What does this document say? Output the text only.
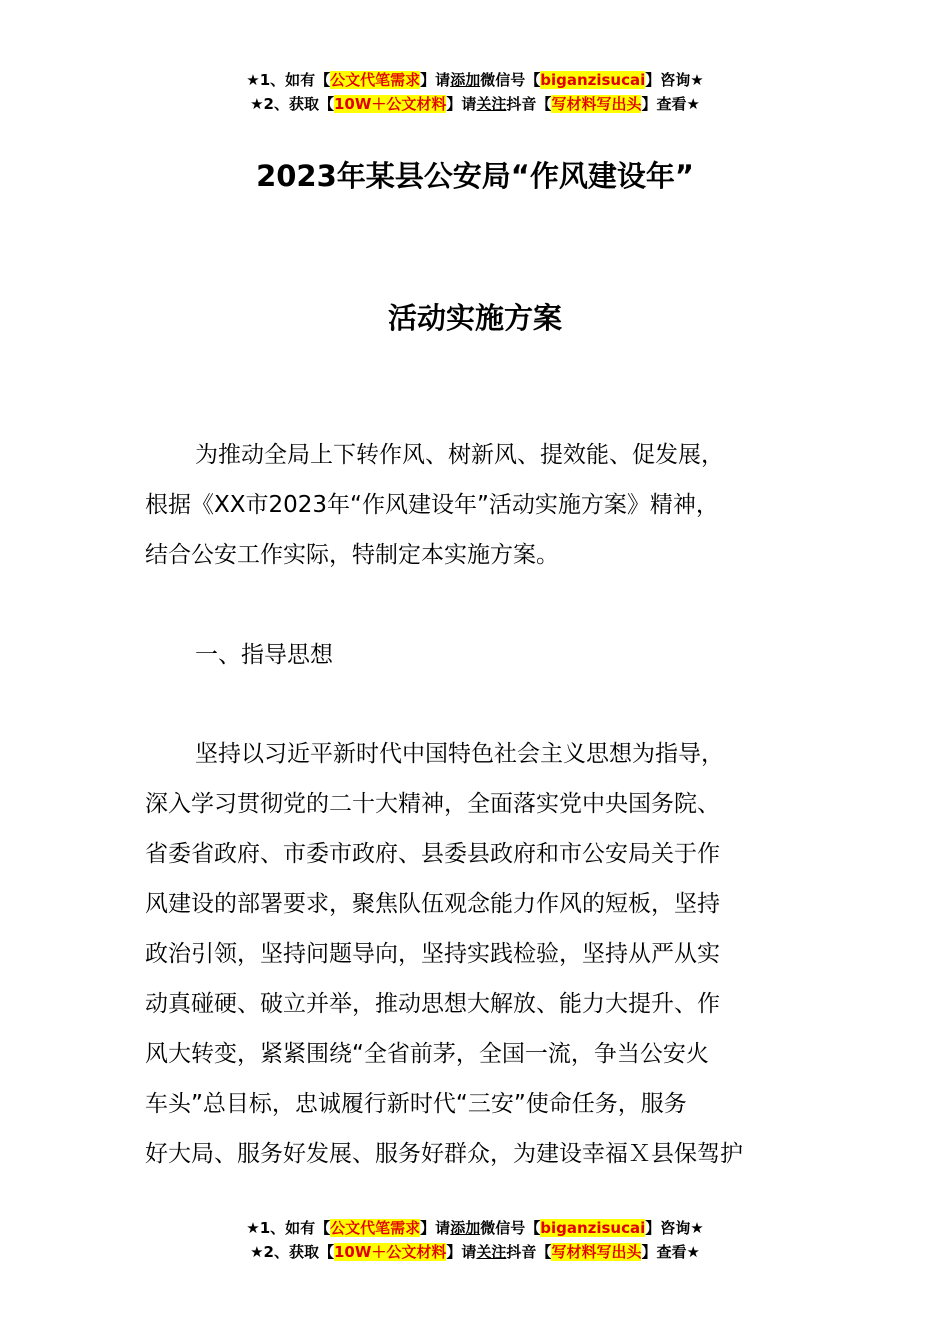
★1、如有【公文代笔需求】请添加微信号【biganzisucai】咨询★
★2、获取【10W＋公文材料】请关注抖音【写材料写出头】查看★
2023年某县公安局“作风建设年”
活动实施方案

为推动全局上下转作风、树新风、提效能、促发展，
根据《XX市2023年“作风建设年”活动实施方案》精神，
结合公安工作实际，特制定本实施方案。

一、指导思想

坚持以习近平新时代中国特色社会主义思想为指导，
深入学习贯彻党的二十大精神，全面落实党中央国务院、
省委省政府、市委市政府、县委县政府和市公安局关于作
风建设的部署要求，聚焦队伍观念能力作风的短板，坚持
政治引领，坚持问题导向，坚持实践检验，坚持从严从实
动真碰硬、破立并举，推动思想大解放、能力大提升、作
风大转变，紧紧围绕“全省前茅，全国一流，争当公安火
车头”总目标，忠诚履行新时代“三安”使命任务，服务
好大局、服务好发展、服务好群众，为建设幸福Ｘ县保驾护

★1、如有【公文代笔需求】请添加微信号【biganzisucai】咨询★
★2、获取【10W＋公文材料】请关注抖音【写材料写出头】查看★
